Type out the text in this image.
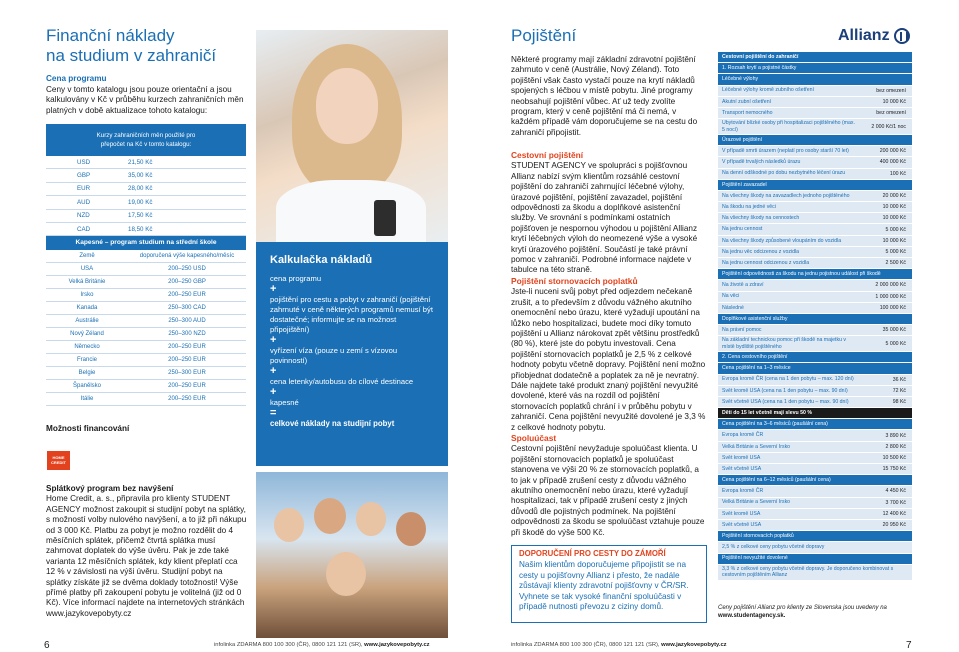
Finanční náklady
na studium v zahraničí
Cena programu
Ceny v tomto katalogu jsou pouze orientační a jsou kalkulovány v Kč v průběhu kurzech zahraničních měn platných v době aktualizace tohoto katalogu:
Kurzy zahraničních měn použité pro
přepočet na Kč v tomto katalogu:
USD	21,50 Kč
GBP	35,00 Kč
EUR	28,00 Kč
AUD	19,00 Kč
NZD	17,50 Kč
CAD	18,50 Kč
Kapesné – program studium na střední škole
Země	doporučená výše kapesného/měsíc
USA	200–250 USD
Velká Británie	200–250 GBP
Irsko	200–250 EUR
Kanada	250–300 CAD
Austrálie	250–300 AUD
Nový Zéland	250–300 NZD
Německo	200–250 EUR
Francie	200–250 EUR
Belgie	250–300 EUR
Španělsko	200–250 EUR
Itálie	200–250 EUR
Možnosti financování
HOME
CREDIT
Splátkový program bez navýšení
Home Credit, a. s., připravila pro klienty STUDENT AGENCY možnost zakoupit si studijní pobyt na splátky, s možností volby nulového navýšení, a to již při nákupu od 3 000 Kč. Platbu za pobyt je možno rozdělit do 4 měsíčních splátek, přičemž čtvrtá splátka musí zahrnovat doplatek do výše úvěru. Pak je zde také varianta 12 měsíčních splátek, kdy klient přeplatí cca 12 % v závislosti na výši úvěru. Studijní pobyt na splátky získáte již se dvěma doklady totožnosti! Výše přímé platby při zakoupení pobytu je volitelná (již od 0 Kč). Více informací najdete na internetových stránkách www.jazykovepobyty.cz
Kalkulačka nákladů

cena programu

+

pojištění pro cestu a pobyt v zahraničí (pojištění zahrnuté v ceně některých programů nemusí být dostatečné; informujte se na možnost připojištění)

+

vyřízení víza (pouze u zemí s vízovou povinností)

+

cena letenky/autobusu do cílové destinace

+

kapesné

=

celkové náklady na studijní pobyt

6	infolinka ZDARMA 800 100 300 (ČR), 0800 121 121 (SR), www.jazykovepobyty.cz	infolinka ZDARMA 800 100 300 (ČR), 0800 121 121 (SR), www.jazykovepobyty.cz	7
Pojištění	Allianz

Některé programy mají základní zdravotní pojištění zahrnuto v ceně (Austrálie, Nový Zéland). Toto pojištění však často vystačí pouze na krytí nákladů spojených s léčbou v místě pobytu. Jiné programy neobsahují pojištění vůbec. Ať už tedy zvolíte program, který v ceně pojištění má či nemá, v každém případě vám doporučujeme se na cestu do zahraničí připojistit.

Cestovní pojištění

STUDENT AGENCY ve spolupráci s pojišťovnou Allianz nabízí svým klientům rozsáhlé cestovní pojištění do zahraničí zahrnující léčebné výlohy, úrazové pojištění, pojištění zavazadel, pojištění odpovědnosti za škodu a doplňkové asistenční služby. Ve srovnání s podmínkami ostatních pojišťoven je nespornou výhodou u pojištění Allianz krytí léčebných výloh do neomezené výše a vysoké krytí úrazového pojištění. Součástí je také právní pomoc v zahraničí. Podrobné informace najdete v tabulce na této straně.

Pojištění stornovacích poplatků

Jste-li nuceni svůj pobyt před odjezdem nečekaně zrušit, a to především z důvodu vážného akutního onemocnění nebo úrazu, které vyžadují upoutání na lůžko nebo hospitalizaci, budete moci díky tomuto pojištění u Allianz nárokovat zpět většinu prostředků (80 %), které jste do pobytu investovali. Cena pojištění stornovacích poplatků je 2,5 % z celkové hodnoty pobytu včetně dopravy. Pojištění není možno přiobjednat dodatečně a poplatek za ně je nevratný. Dále najdete také produkt znaný pojištění nevyužité dovolené, které vás na rozdíl od pojištění stornovacích poplatků chrání i v průběhu pobytu v zahraničí. Cena pojištění nevyužité dovolené je 3,3 % z celkové hodnoty pobytu.

Spoluúčast

Cestovní pojištění nevyžaduje spoluúčast klienta. U pojištění stornovacích poplatků je spoluúčast stanovena ve výši 20 % ze stornovacích poplatků, a to jak v případě zrušení cesty z důvodu vážného akutního onemocnění nebo úrazu, které vyžadují hospitalizaci, tak v případě zrušení cesty z jiných důvodů dle pojistných podmínek. Na pojištění odpovědnosti za škodu se spoluúčast vztahuje pouze při škodě do výše 500 Kč.

DOPORUČENÍ PRO CESTY DO ZÁMOŘÍ

Našim klientům doporučujeme připojistit se na cesty u pojišťovny Allianz i přesto, že nadále zůstávají klienty zdravotní pojišťovny v ČR/SR. Vyhnete se tak vysoké finanční spoluúčasti v případě nutnosti převozu z ciziny domů.

Cestovní pojištění do zahraničí
1. Rozsah krytí a pojistné částky
Léčebné výlohy
Léčebné výlohy kromě zubního ošetření	bez omezení
Akutní zubní ošetření	10 000 Kč
Transport nemocného	bez omezení
Ubytování blízké osoby při hospitalizaci pojištěného (max. 5 nocí)	2 000 Kč/1 noc
Úrazové pojištění
V případě smrti úrazem (neplatí pro osoby starší 70 let)	200 000 Kč
V případě trvalých následků úrazu	400 000 Kč
Na denní odškodné po dobu nezbytného léčení úrazu	100 Kč
Pojištění zavazadel
Na všechny škody na zavazadlech jednoho pojištěného	20 000 Kč
Na škodu na jedné věci	10 000 Kč
Na všechny škody na cennostech	10 000 Kč
Na jednu cennost	5 000 Kč
Na všechny škody způsobené vloupáním do vozidla	10 000 Kč
Na jednu věc odcizenou z vozidla	5 000 Kč
Na jednu cennost odcizenou z vozidla	2 500 Kč
Pojištění odpovědnosti za škodu na jednu pojistnou událost při škodě
Na životě a zdraví	2 000 000 Kč
Na věci	1 000 000 Kč
Následné	100 000 Kč
Doplňkové asistenční služby
Na právní pomoc	35 000 Kč
Na základní technickou pomoc při škodě na majetku v místě bydliště pojištěného	5 000 Kč
2. Cena cestovního pojištění
Cena pojištění na 1–3 měsíce
Evropa kromě ČR (cena na 1 den pobytu – max. 120 dní)	36 Kč
Svět kromě USA (cena na 1 den pobytu – max. 90 dní)	72 Kč
Svět včetně USA (cena na 1 den pobytu – max. 90 dní)	98 Kč
Děti do 15 let včetně mají slevu 50 %
Cena pojištění na 3–6 měsíců (paušální cena)
Evropa kromě ČR	3 890 Kč
Velká Británie a Severní Irsko	2 800 Kč
Svět kromě USA	10 500 Kč
Svět včetně USA	15 750 Kč
Cena pojištění na 6–12 měsíců (paušální cena)
Evropa kromě ČR	4 450 Kč
Velká Británie a Severní Irsko	3 700 Kč
Svět kromě USA	12 400 Kč
Svět včetně USA	20 950 Kč
Pojištění stornovacích poplatků
2,5 % z celkové ceny pobytu včetně dopravy
Pojištění nevyužité dovolené
3,3 % z celkové ceny pobytu včetně dopravy. Je doporučeno kombinovat s cestovním pojištěním Allianz
Ceny pojištění Allianz pro klienty ze Slovenska jsou uvedeny na www.studentagency.sk.
